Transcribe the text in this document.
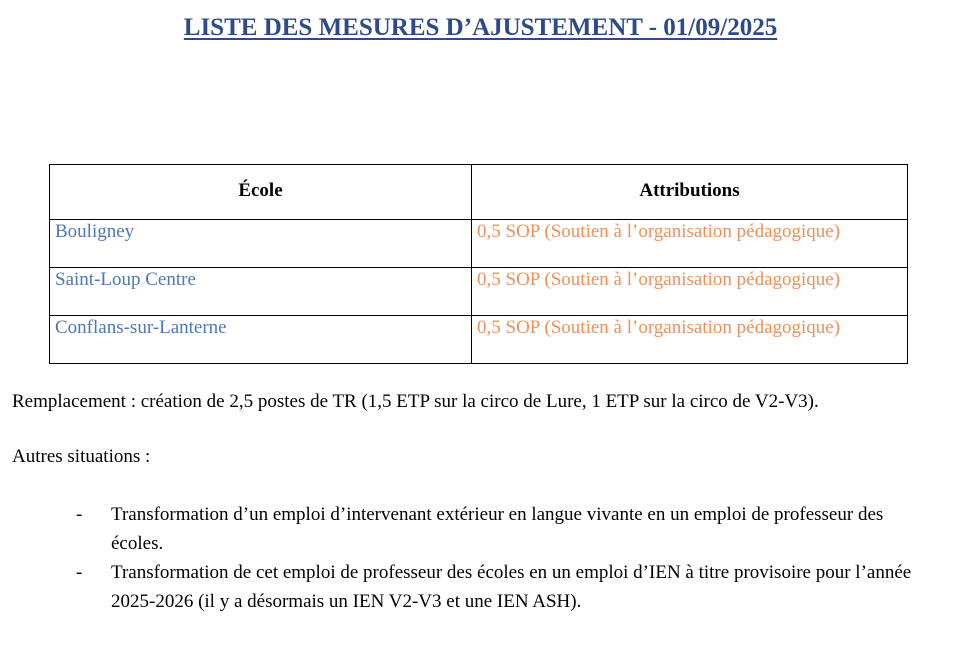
LISTE DES MESURES D’AJUSTEMENT - 01/09/2025
École	Attributions
Bouligney	0,5 SOP (Soutien à l’organisation pédagogique)
Saint-Loup Centre	0,5 SOP (Soutien à l’organisation pédagogique)
Conflans-sur-Lanterne	0,5 SOP (Soutien à l’organisation pédagogique)
Remplacement : création de 2,5 postes de TR (1,5 ETP sur la circo de Lure, 1 ETP sur la circo de V2-V3).
Autres situations :
- Transformation d’un emploi d’intervenant extérieur en langue vivante en un emploi de professeur des écoles.
- Transformation de cet emploi de professeur des écoles en un emploi d’IEN à titre provisoire pour l’année 2025-2026 (il y a désormais un IEN V2-V3 et une IEN ASH).
